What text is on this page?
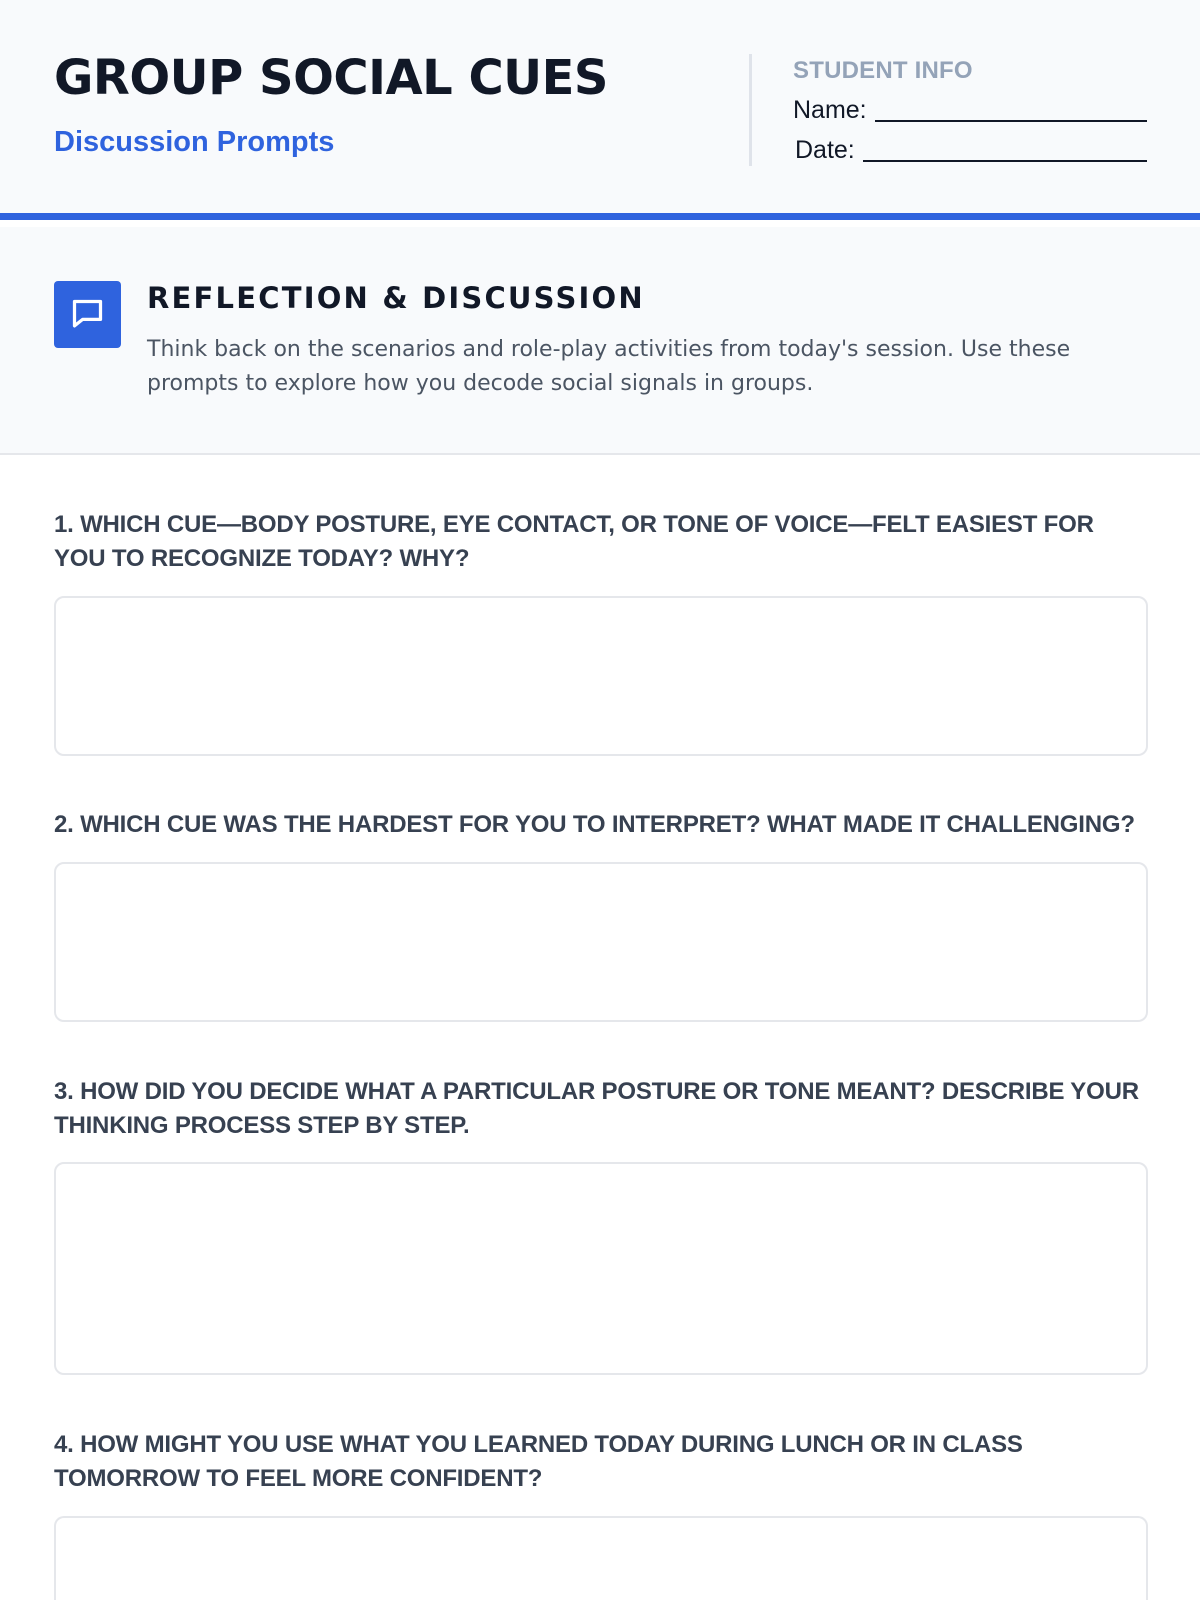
GROUP SOCIAL CUES
Discussion Prompts
STUDENT INFO
Name:
Date:
REFLECTION & DISCUSSION

Think back on the scenarios and role-play activities from today's session. Use these prompts to explore how you decode social signals in groups.

1. WHICH CUE—BODY POSTURE, EYE CONTACT, OR TONE OF VOICE—FELT EASIEST FOR YOU TO RECOGNIZE TODAY? WHY?

2. WHICH CUE WAS THE HARDEST FOR YOU TO INTERPRET? WHAT MADE IT CHALLENGING?

3. HOW DID YOU DECIDE WHAT A PARTICULAR POSTURE OR TONE MEANT? DESCRIBE YOUR THINKING PROCESS STEP BY STEP.

4. HOW MIGHT YOU USE WHAT YOU LEARNED TODAY DURING LUNCH OR IN CLASS TOMORROW TO FEEL MORE CONFIDENT?
